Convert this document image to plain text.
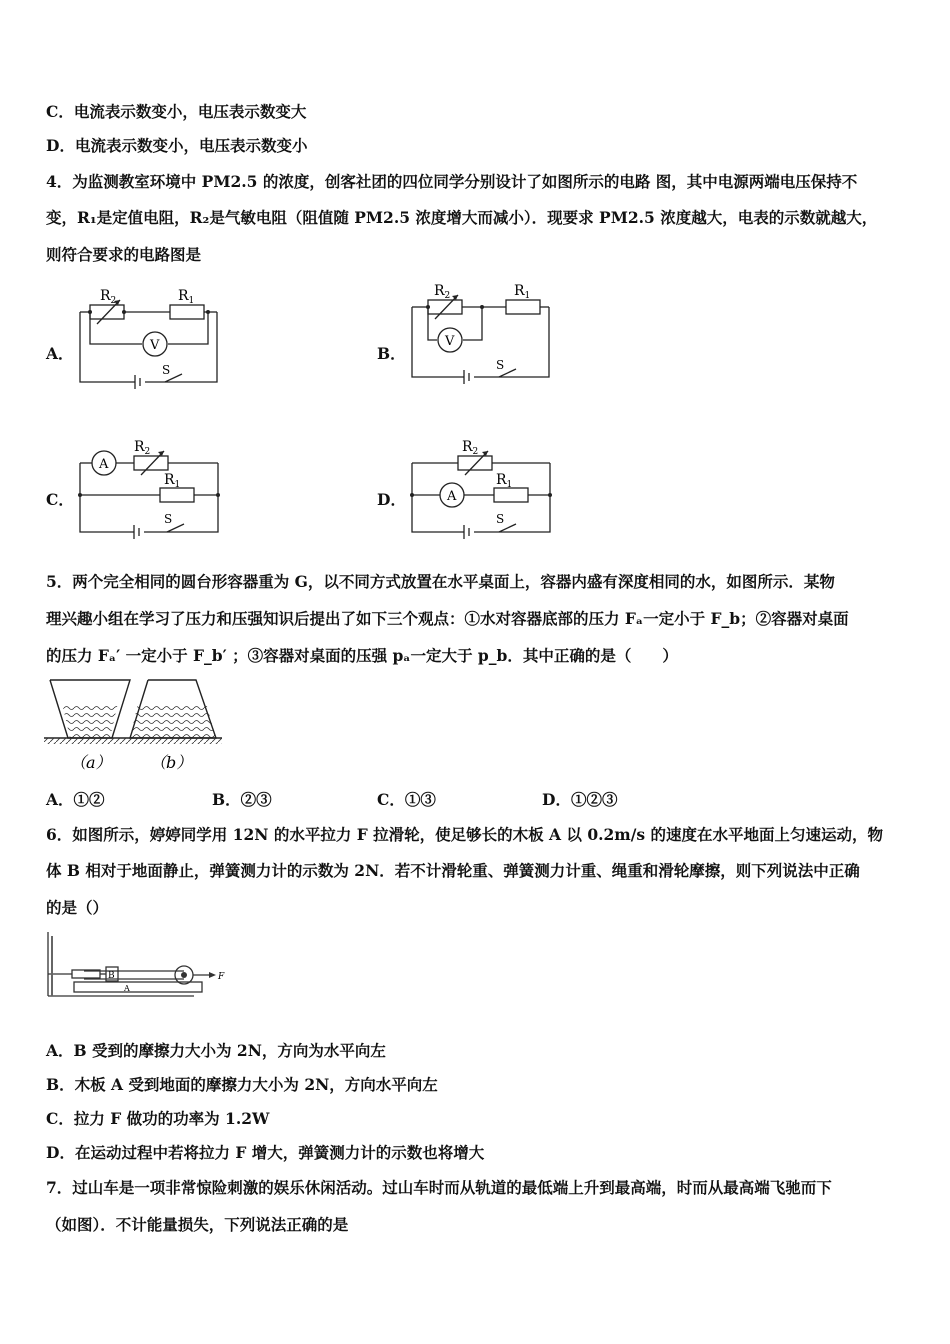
C．电流表示数变小，电压表示数变大
D．电流表示数变小，电压表示数变小
4．为监测教室环境中 PM2.5 的浓度，创客社团的四位同学分别设计了如图所示的电路 图，其中电源两端电压保持不
变，R₁是定值电阻，R₂是气敏电阻（阻值随 PM2.5 浓度增大而减小）．现要求 PM2.5 浓度越大，电表的示数就越大，
则符合要求的电路图是
A．	B．
C．	D．
$R_2$	$R_1$
V
S
$R_2$	$R_1$
V
S
A
$R_2$
$R_1$
S
A
$R_2$
$R_1$
S
5．两个完全相同的圆台形容器重为 G，以不同方式放置在水平桌面上，容器内盛有深度相同的水，如图所示．某物
理兴趣小组在学习了压力和压强知识后提出了如下三个观点：①水对容器底部的压力 Fₐ一定小于 F_b；②容器对桌面
的压力 Fₐ′ 一定小于 F_b′ ；③容器对桌面的压强 pₐ一定大于 p_b．其中正确的是（　　）
（a） （b）
A．①②	B．②③	C．①③	D．①②③
6．如图所示，婷婷同学用 12N 的水平拉力 F 拉滑轮，使足够长的木板 A 以 0.2m/s 的速度在水平地面上匀速运动，物
体 B 相对于地面静止，弹簧测力计的示数为 2N．若不计滑轮重、弹簧测力计重、绳重和滑轮摩擦，则下列说法中正确
的是（）
B
A
F
A．B 受到的摩擦力大小为 2N，方向为水平向左
B．木板 A 受到地面的摩擦力大小为 2N，方向水平向左
C．拉力 F 做功的功率为 1.2W
D．在运动过程中若将拉力 F 增大，弹簧测力计的示数也将增大
7．过山车是一项非常惊险刺激的娱乐休闲活动。过山车时而从轨道的最低端上升到最高端，时而从最高端飞驰而下
（如图）．不计能量损失，下列说法正确的是
